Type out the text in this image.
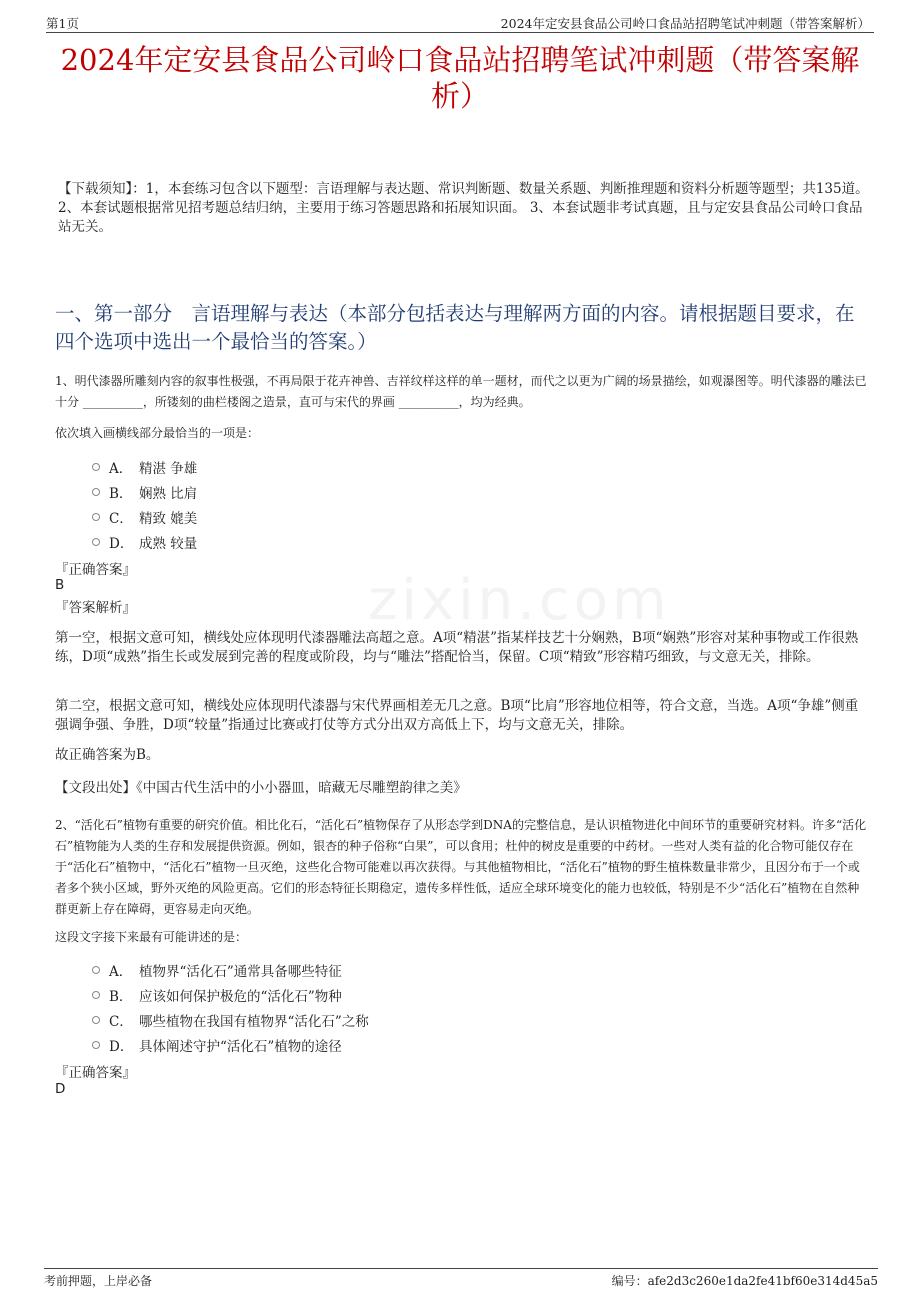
zixin.com
第1页	2024年定安县食品公司岭口食品站招聘笔试冲刺题（带答案解析）
2024年定安县食品公司岭口食品站招聘笔试冲刺题（带答案解析）

【下载须知】：1，本套练习包含以下题型：言语理解与表达题、常识判断题、数量关系题、判断推理题和资料分析题等题型；共135道。 2、本套试题根据常见招考题总结归纳，主要用于练习答题思路和拓展知识面。 3、本套试题非考试真题，且与定安县食品公司岭口食品站无关。

一、第一部分　言语理解与表达（本部分包括表达与理解两方面的内容。请根据题目要求，在四个选项中选出一个最恰当的答案。）

1、明代漆器所雕刻内容的叙事性极强，不再局限于花卉神兽、吉祥纹样这样的单一题材，而代之以更为广阔的场景描绘，如观瀑图等。明代漆器的雕法已十分 __________，所镂刻的曲栏楼阁之造景，直可与宋代的界画 __________，均为经典。

依次填入画横线部分最恰当的一项是：

A． 精湛 争雄
B． 娴熟 比肩
C． 精致 媲美
D． 成熟 较量

『正确答案』

B

『答案解析』

第一空，根据文意可知，横线处应体现明代漆器雕法高超之意。A项“精湛”指某样技艺十分娴熟，B项“娴熟”形容对某种事物或工作很熟练，D项“成熟”指生长或发展到完善的程度或阶段，均与“雕法”搭配恰当，保留。C项“精致”形容精巧细致，与文意无关，排除。

第二空，根据文意可知，横线处应体现明代漆器与宋代界画相差无几之意。B项“比肩”形容地位相等，符合文意，当选。A项“争雄”侧重强调争强、争胜，D项“较量”指通过比赛或打仗等方式分出双方高低上下，均与文意无关，排除。

故正确答案为B。

【文段出处】《中国古代生活中的小小器皿，暗藏无尽雕塑韵律之美》

2、“活化石”植物有重要的研究价值。相比化石，“活化石”植物保存了从形态学到DNA的完整信息，是认识植物进化中间环节的重要研究材料。许多“活化石”植物能为人类的生存和发展提供资源。例如，银杏的种子俗称“白果”，可以食用；杜仲的树皮是重要的中药材。一些对人类有益的化合物可能仅存在于“活化石”植物中，“活化石”植物一旦灭绝，这些化合物可能难以再次获得。与其他植物相比，“活化石”植物的野生植株数量非常少，且因分布于一个或者多个狭小区域，野外灭绝的风险更高。它们的形态特征长期稳定，遗传多样性低，适应全球环境变化的能力也较低，特别是不少“活化石”植物在自然种群更新上存在障碍，更容易走向灭绝。

这段文字接下来最有可能讲述的是：

A． 植物界“活化石”通常具备哪些特征
B． 应该如何保护极危的“活化石”物种
C． 哪些植物在我国有植物界“活化石”之称
D． 具体阐述守护“活化石”植物的途径

『正确答案』

D

考前押题，上岸必备	编号：afe2d3c260e1da2fe41bf60e314d45a5
